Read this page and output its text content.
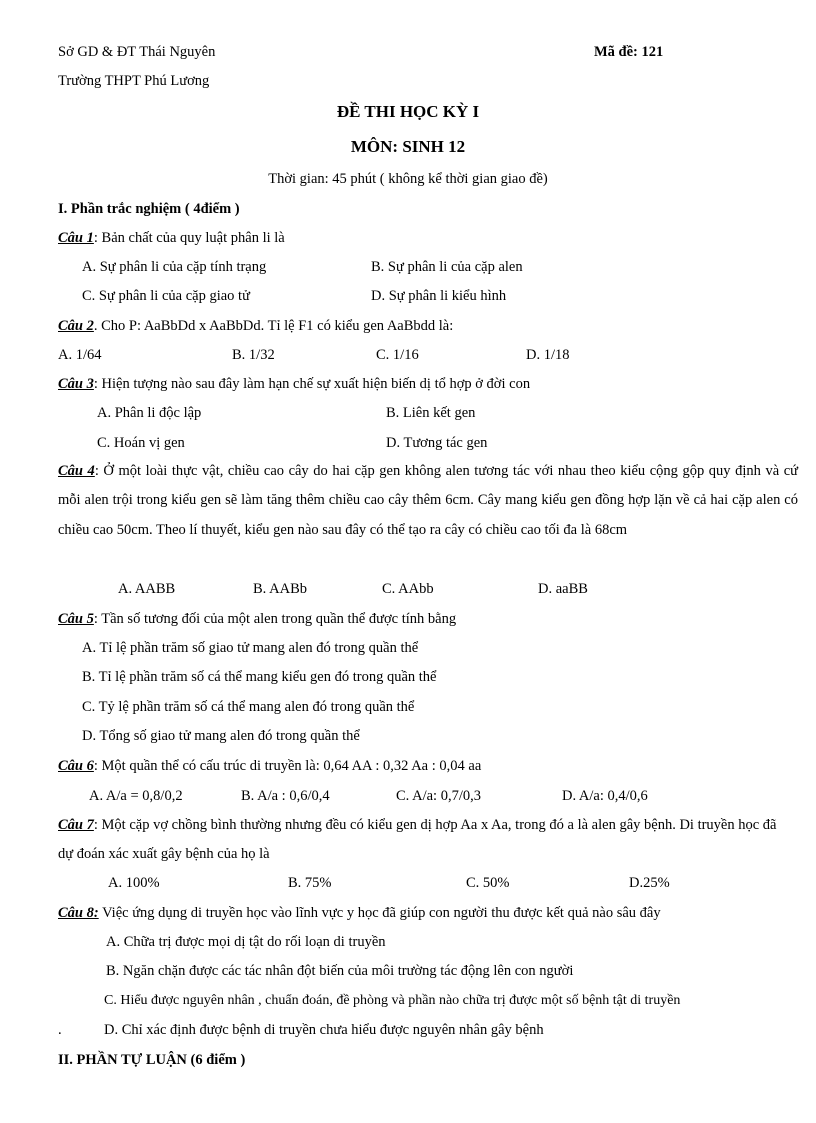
Sở GD & ĐT Thái Nguyên	Mã đề: 121
Trường THPT Phú Lương
ĐỀ THI HỌC KỲ I
MÔN: SINH 12
Thời gian: 45 phút ( không kể thời gian giao đề)
I. Phần trắc nghiệm ( 4điểm )
Câu 1: Bản chất của quy luật phân li là
A. Sự phân li của cặp tính trạng	B. Sự phân li của cặp alen
C. Sự phân li của cặp giao tử	D. Sự phân li kiểu hình
Câu 2. Cho P: AaBbDd x AaBbDd. Tỉ lệ F1 có kiểu gen AaBbdd là:
A. 1/64	B. 1/32	C. 1/16	D. 1/18
Câu 3: Hiện tượng nào sau đây làm hạn chế sự xuất hiện biến dị tổ hợp ở đời con
A. Phân li độc lập	B. Liên kết gen
C. Hoán vị gen	D. Tương tác gen
Câu 4: Ở một loài thực vật, chiều cao cây do hai cặp gen không alen tương tác với nhau theo kiểu cộng gộp quy định và cứ mỗi alen trội trong kiểu gen sẽ làm tăng thêm chiều cao cây thêm 6cm. Cây mang kiểu gen đồng hợp lặn về cả hai cặp alen có chiều cao 50cm. Theo lí thuyết, kiểu gen nào sau đây có thể tạo ra cây có chiều cao tối đa là 68cm
A. AABB	B. AABb	C. AAbb	D. aaBB
Câu 5: Tần số tương đối của một alen trong quần thể được tính bằng
A. Tỉ lệ phần trăm số giao tử mang alen đó trong quần thể
B. Tỉ lệ phần trăm số cá thể mang kiểu gen đó trong quần thể
C. Tỷ lệ phần trăm số cá thể mang alen đó trong quần thể
D. Tổng số giao tử mang alen đó trong quần thể
Câu 6: Một quần thể có cấu trúc di truyền là: 0,64 AA : 0,32 Aa : 0,04 aa
A. A/a = 0,8/0,2	B. A/a : 0,6/0,4	C. A/a: 0,7/0,3	D. A/a: 0,4/0,6
Câu 7: Một cặp vợ chồng bình thường nhưng đều có kiểu gen dị hợp Aa x Aa, trong đó a là alen gây bệnh. Di truyền học đã dự đoán xác xuất gây bệnh của họ là
A. 100%	B. 75%	C. 50%	D.25%
Câu 8: Việc ứng dụng di truyền học vào lĩnh vực y học đã giúp con người thu được kết quả nào sâu đây
A. Chữa trị được mọi dị tật do rối loạn di truyền
B. Ngăn chặn được các tác nhân đột biến của môi trường tác động lên con người
C. Hiểu được nguyên nhân , chuẩn đoán, đề phòng và phần nào chữa trị được một số bệnh tật di truyền
.	D. Chỉ xác định được bệnh di truyền chưa hiểu được nguyên nhân gây bệnh
II. PHẦN TỰ LUẬN (6 điểm )
